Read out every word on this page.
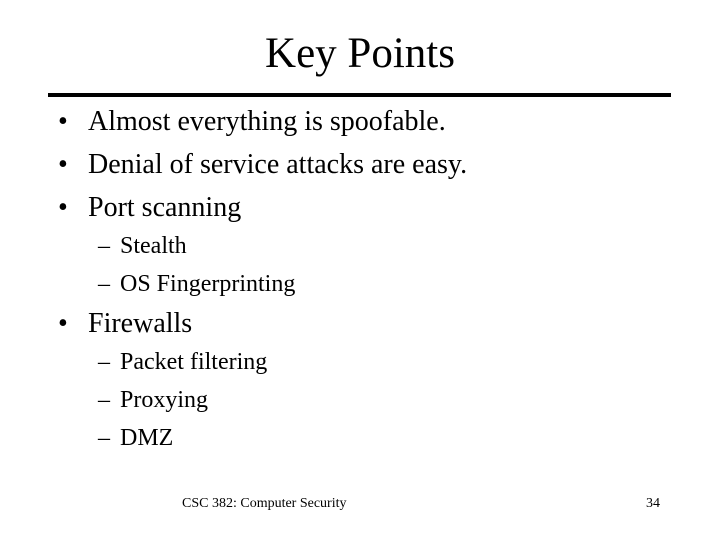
Key Points
• Almost everything is spoofable.
• Denial of service attacks are easy.
• Port scanning
– Stealth
– OS Fingerprinting
• Firewalls
– Packet filtering
– Proxying
– DMZ
CSC 382: Computer Security	34
